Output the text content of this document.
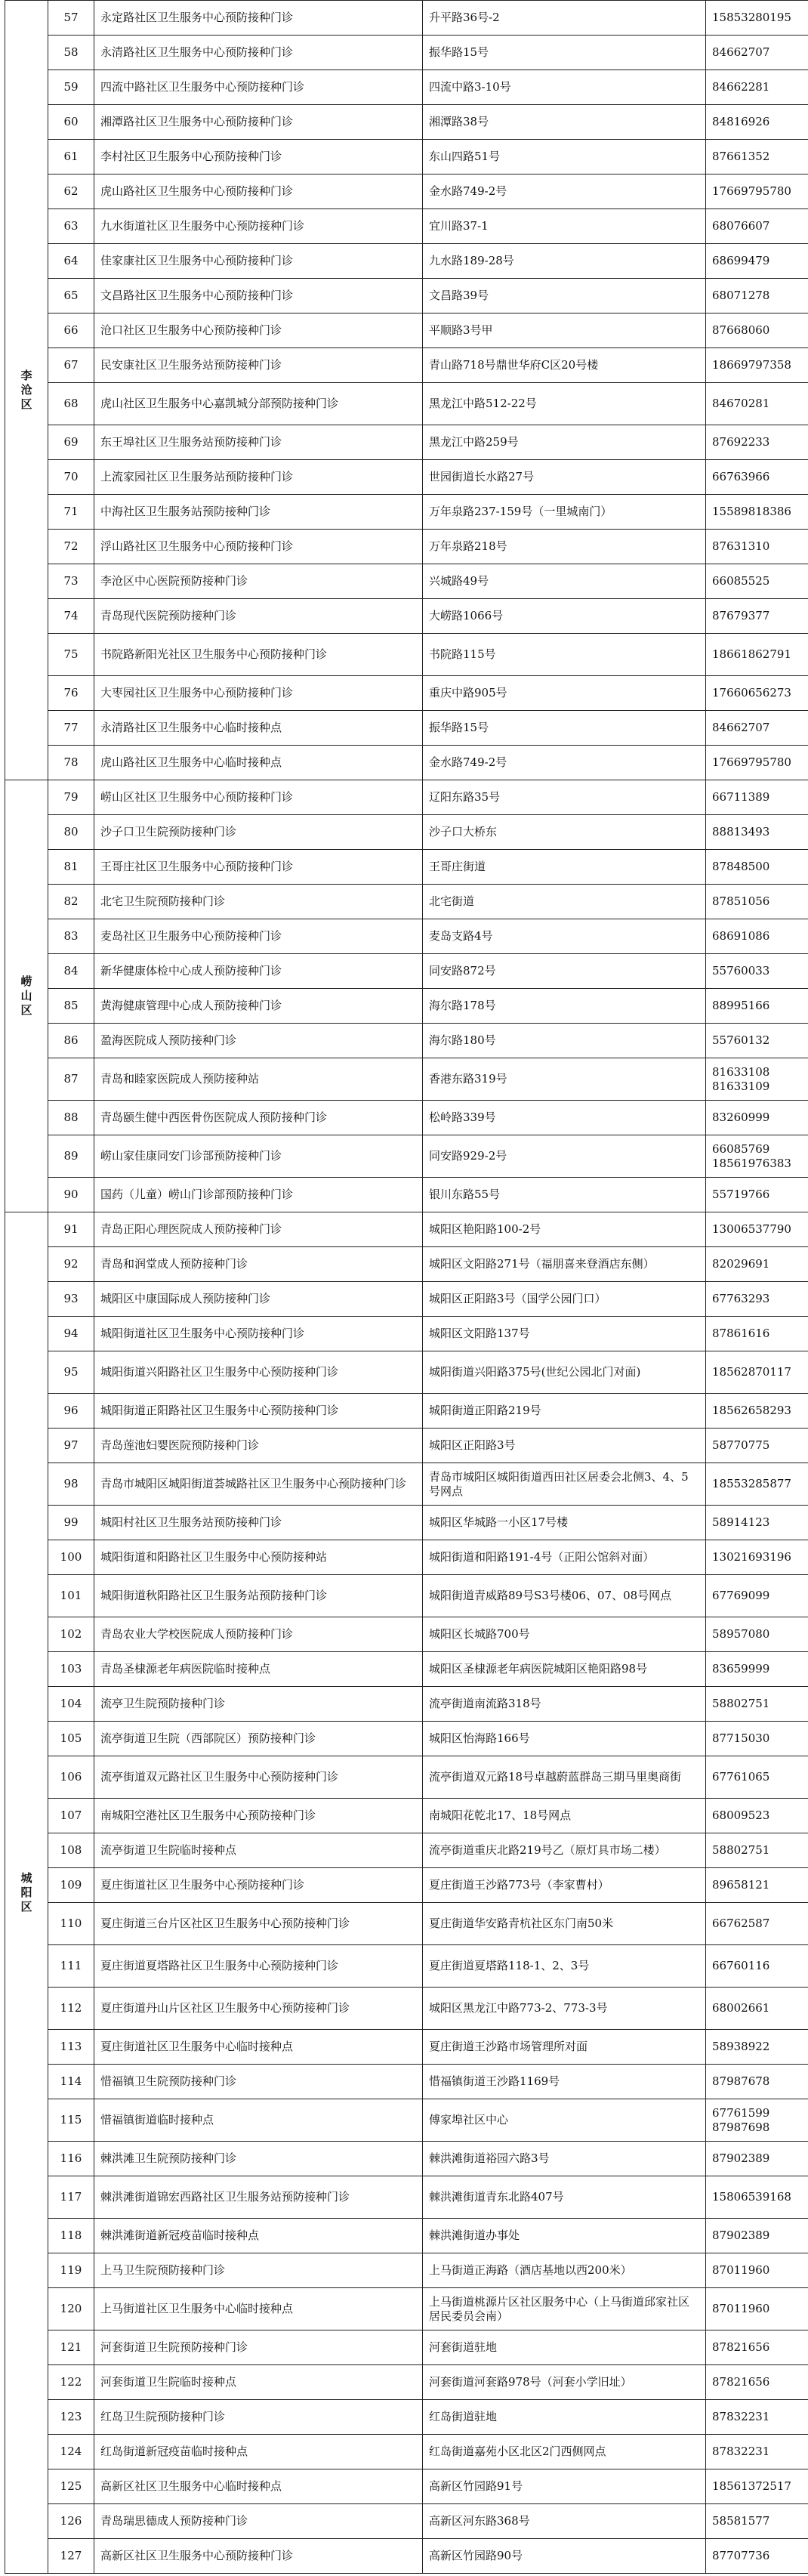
李沧区	57	永定路社区卫生服务中心预防接种门诊	升平路36号-2	15853280195
	58	永清路社区卫生服务中心预防接种门诊	振华路15号	84662707
	59	四流中路社区卫生服务中心预防接种门诊	四流中路3-10号	84662281
	60	湘潭路社区卫生服务中心预防接种门诊	湘潭路38号	84816926
	61	李村社区卫生服务中心预防接种门诊	东山四路51号	87661352
	62	虎山路社区卫生服务中心预防接种门诊	金水路749-2号	17669795780
	63	九水街道社区卫生服务中心预防接种门诊	宜川路37-1	68076607
	64	佳家康社区卫生服务中心预防接种门诊	九水路189-28号	68699479
	65	文昌路社区卫生服务中心预防接种门诊	文昌路39号	68071278
	66	沧口社区卫生服务中心预防接种门诊	平顺路3号甲	87668060
	67	民安康社区卫生服务站预防接种门诊	青山路718号鼎世华府C区20号楼	18669797358
	68	虎山社区卫生服务中心嘉凯城分部预防接种门诊	黑龙江中路512-22号	84670281
	69	东王埠社区卫生服务站预防接种门诊	黑龙江中路259号	87692233
	70	上流家园社区卫生服务站预防接种门诊	世园街道长水路27号	66763966
	71	中海社区卫生服务站预防接种门诊	万年泉路237-159号（一里城南门）	15589818386
	72	浮山路社区卫生服务中心预防接种门诊	万年泉路218号	87631310
	73	李沧区中心医院预防接种门诊	兴城路49号	66085525
	74	青岛现代医院预防接种门诊	大崂路1066号	87679377
	75	书院路新阳光社区卫生服务中心预防接种门诊	书院路115号	18661862791
	76	大枣园社区卫生服务中心预防接种门诊	重庆中路905号	17660656273
	77	永清路社区卫生服务中心临时接种点	振华路15号	84662707
	78	虎山路社区卫生服务中心临时接种点	金水路749-2号	17669795780
崂山区	79	崂山区社区卫生服务中心预防接种门诊	辽阳东路35号	66711389
	80	沙子口卫生院预防接种门诊	沙子口大桥东	88813493
	81	王哥庄社区卫生服务中心预防接种门诊	王哥庄街道	87848500
	82	北宅卫生院预防接种门诊	北宅街道	87851056
	83	麦岛社区卫生服务中心预防接种门诊	麦岛支路4号	68691086
	84	新华健康体检中心成人预防接种门诊	同安路872号	55760033
	85	黄海健康管理中心成人预防接种门诊	海尔路178号	88995166
	86	盈海医院成人预防接种门诊	海尔路180号	55760132
	87	青岛和睦家医院成人预防接种站	香港东路319号	81633108
81633109
	88	青岛颐生健中西医骨伤医院成人预防接种门诊	松岭路339号	83260999
	89	崂山家佳康同安门诊部预防接种门诊	同安路929-2号	66085769
18561976383
	90	国药（儿童）崂山门诊部预防接种门诊	银川东路55号	55719766
城阳区	91	青岛正阳心理医院成人预防接种门诊	城阳区艳阳路100-2号	13006537790
	92	青岛和润堂成人预防接种门诊	城阳区文阳路271号（福朋喜来登酒店东侧）	82029691
	93	城阳区中康国际成人预防接种门诊	城阳区正阳路3号（国学公园门口）	67763293
	94	城阳街道社区卫生服务中心预防接种门诊	城阳区文阳路137号	87861616
	95	城阳街道兴阳路社区卫生服务中心预防接种门诊	城阳街道兴阳路375号(世纪公园北门对面)	18562870117
	96	城阳街道正阳路社区卫生服务中心预防接种门诊	城阳街道正阳路219号	18562658293
	97	青岛莲池妇婴医院预防接种门诊	城阳区正阳路3号	58770775
	98	青岛市城阳区城阳街道荟城路社区卫生服务中心预防接种门诊	青岛市城阳区城阳街道西田社区居委会北侧3、4、5号网点	18553285877
	99	城阳村社区卫生服务站预防接种门诊	城阳区华城路一小区17号楼	58914123
	100	城阳街道和阳路社区卫生服务中心预防接种站	城阳街道和阳路191-4号（正阳公馆斜对面）	13021693196
	101	城阳街道秋阳路社区卫生服务站预防接种门诊	城阳街道青威路89号S3号楼06、07、08号网点	67769099
	102	青岛农业大学校医院成人预防接种门诊	城阳区长城路700号	58957080
	103	青岛圣棣源老年病医院临时接种点	城阳区圣棣源老年病医院城阳区艳阳路98号	83659999
	104	流亭卫生院预防接种门诊	流亭街道南流路318号	58802751
	105	流亭街道卫生院（西部院区）预防接种门诊	城阳区怡海路166号	87715030
	106	流亭街道双元路社区卫生服务中心预防接种门诊	流亭街道双元路18号卓越蔚蓝群岛三期马里奥商街	67761065
	107	南城阳空港社区卫生服务中心预防接种门诊	南城阳花乾北17、18号网点	68009523
	108	流亭街道卫生院临时接种点	流亭街道重庆北路219号乙（原灯具市场二楼）	58802751
	109	夏庄街道社区卫生服务中心预防接种门诊	夏庄街道王沙路773号（李家曹村）	89658121
	110	夏庄街道三台片区社区卫生服务中心预防接种门诊	夏庄街道华安路青杭社区东门南50米	66762587
	111	夏庄街道夏塔路社区卫生服务中心预防接种门诊	夏庄街道夏塔路118-1、2、3号	66760116
	112	夏庄街道丹山片区社区卫生服务中心预防接种门诊	城阳区黑龙江中路773-2、773-3号	68002661
	113	夏庄街道社区卫生服务中心临时接种点	夏庄街道王沙路市场管理所对面	58938922
	114	惜福镇卫生院预防接种门诊	惜福镇街道王沙路1169号	87987678
	115	惜福镇街道临时接种点	傅家埠社区中心	67761599
87987698
	116	棘洪滩卫生院预防接种门诊	棘洪滩街道裕园六路3号	87902389
	117	棘洪滩街道锦宏西路社区卫生服务站预防接种门诊	棘洪滩街道青东北路407号	15806539168
	118	棘洪滩街道新冠疫苗临时接种点	棘洪滩街道办事处	87902389
	119	上马卫生院预防接种门诊	上马街道正海路（酒店基地以西200米）	87011960
	120	上马街道社区卫生服务中心临时接种点	上马街道桃源片区社区服务中心（上马街道邱家社区居民委员会南）	87011960
	121	河套街道卫生院预防接种门诊	河套街道驻地	87821656
	122	河套街道卫生院临时接种点	河套街道河套路978号（河套小学旧址）	87821656
	123	红岛卫生院预防接种门诊	红岛街道驻地	87832231
	124	红岛街道新冠疫苗临时接种点	红岛街道嘉苑小区北区2门西侧网点	87832231
	125	高新区社区卫生服务中心临时接种点	高新区竹园路91号	18561372517
	126	青岛瑞思德成人预防接种门诊	高新区河东路368号	58581577
	127	高新区社区卫生服务中心预防接种门诊	高新区竹园路90号	87707736
